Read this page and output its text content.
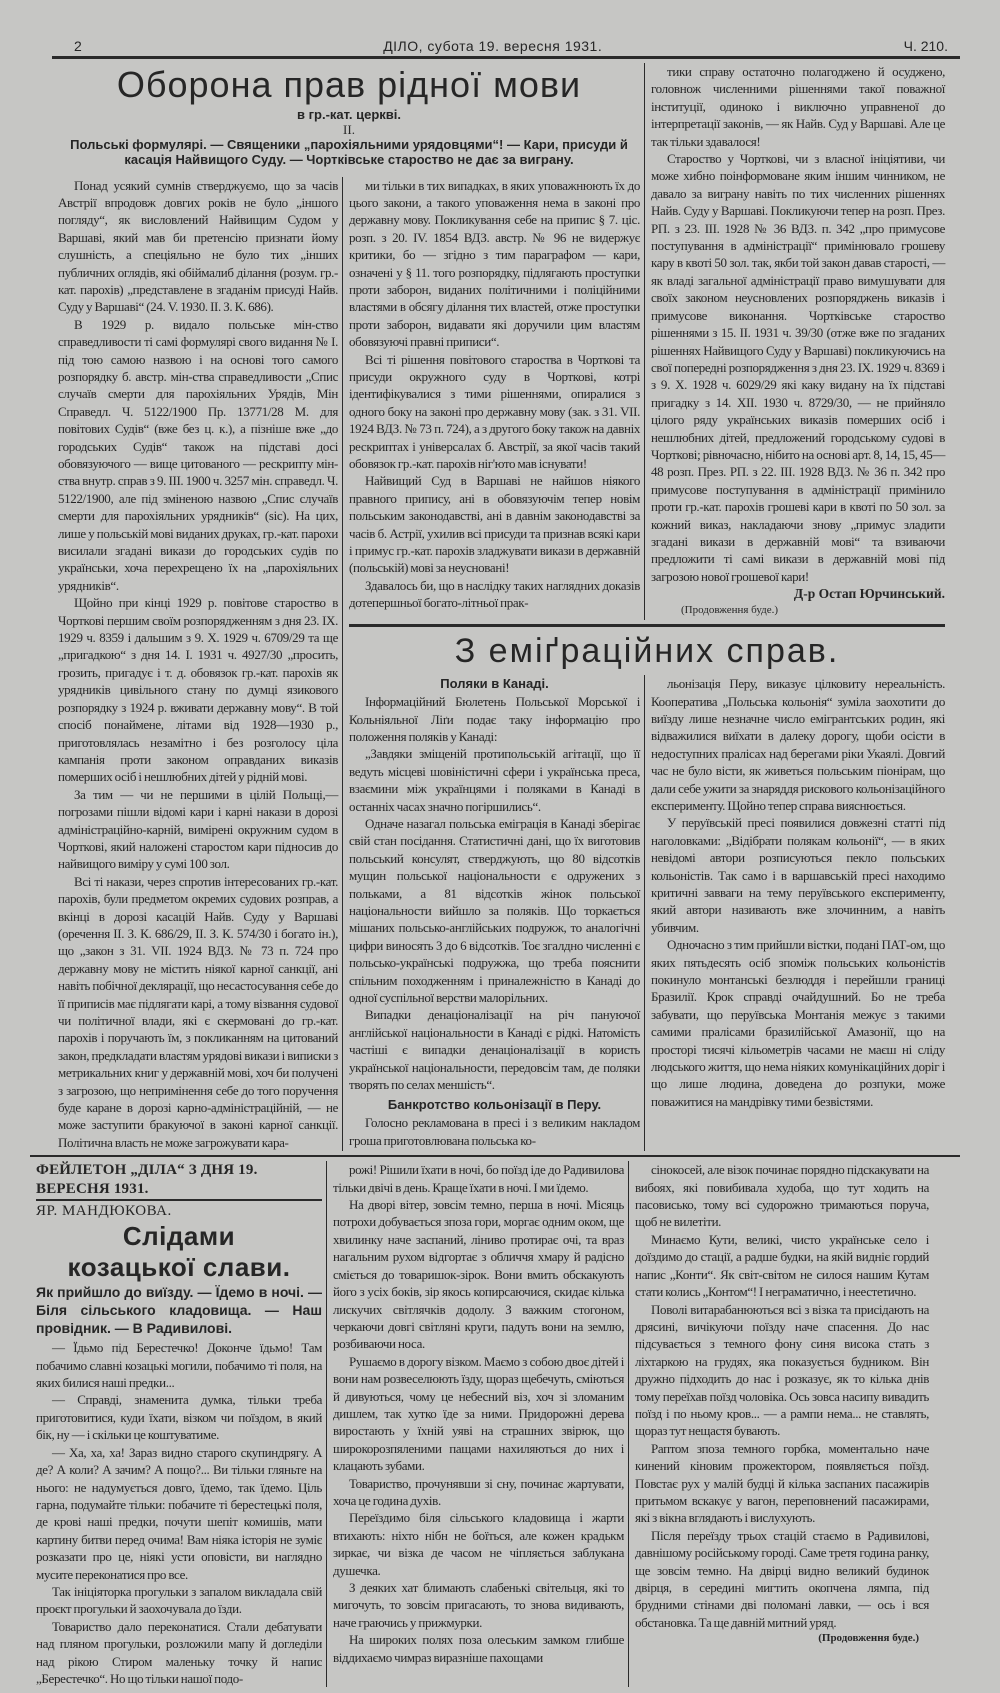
2	ДІЛО, субота 19. вересня 1931.	Ч. 210.
Оборона прав рідної мови
в гр.-кат. церкві.
II.
Польські формулярі. — Священики „парохіяльними урядовцями“! — Кари, присуди й касація Найвищого Суду. — Чортківське староство не дає за виграну.

тики справу остаточно полагоджено й осуджено, головнож численними рішеннями такої поважної інституції, одиноко і виключно управненої до інтерпретації законів, — як Найв. Суд у Варшаві. Але це так тільки здавалося!

Староство у Чорткові, чи з власної ініціятиви, чи може хибно поінформоване яким іншим чинником, не давало за виграну навіть по тих численних рішеннях Найв. Суду у Варшаві. Покликуючи тепер на розп. През. РП. з 23. III. 1928 № 36 ВДЗ. п. 342 „про примусове поступування в адміністрації“ примінювало грошеву кару в квоті 50 зол. так, якби той закон давав старості, — як владі загальної адміністрації право вимушувати для своїх законом неусновлених розпоряджень виказів і примусове виконання. Чортківське староство рішеннями з 15. II. 1931 ч. 39/30 (отже вже по згаданих рішеннях Найвищого Суду у Варшаві) покликуючись на свої попередні розпорядження з дня 23. IX. 1929 ч. 8369 і з 9. X. 1928 ч. 6029/29 які каку видану на їх підставі пригадку з 14. XII. 1930 ч. 8729/30, — не прийняло цілого ряду українських виказів померших осіб і нешлюбних дітей, предложений городському судові в Чорткові; рівночасно, нібито на основі арт. 8, 14, 15, 45—48 розп. През. РП. з 22. III. 1928 ВДЗ. № 36 п. 342 про примусове поступування в адміністрації примінило проти гр.-кат. парохів грошеві кари в квоті по 50 зол. за кожний виказ, накладаючи знову „примус зладити згадані викази в державній мові“ та взиваючи предложити ті самі викази в державній мові під загрозою нової грошевої кари!

Д-р Остап Юрчинський.
(Продовження буде.)

Понад усякий сумнів стверджуємо, що за часів Австрії впродовж довгих років не було „іншого погляду“, як висловлений Найвищим Судом у Варшаві, який мав би претенсію признати йому слушність, а спеціяльно не було тих „інших публичних оглядів, які обіймалиб ділання (розум. гр.-кат. парохів) „представлене в згаданім присуді Найв. Суду у Варшаві“ (24. V. 1930. II. З. К. 686).

В 1929 р. видало польське мін-ство справедливости ті самі формулярі свого видання № I. під тою самою назвою і на основі того самого розпорядку б. австр. мін-ства справедливости „Спис случаїв смерти для парохіяльних Урядів, Мін Справедл. Ч. 5122/1900 Пр. 13771/28 М. для повітових Судів“ (вже без ц. к.), а пізніше вже „до городських Судів“ також на підставі досі обовязуючого — вище цитованого — рескрипту мін-ства внутр. справ з 9. III. 1900 ч. 3257 мін. справедл. Ч. 5122/1900, але під зміненою назвою „Спис случаїв смерти для парохіяльних урядників“ (sic). На цих, лише у польській мові виданих друках, гр.-кат. парохи висилали згадані викази до городських судів по українськи, хоча перехрещено їх на „парохіяльних урядників“.

Щойно при кінці 1929 р. повітове староство в Чорткові першим своїм розпорядженням з дня 23. IX. 1929 ч. 8359 і дальшим з 9. X. 1929 ч. 6709/29 та ще „пригадкою“ з дня 14. I. 1931 ч. 4927/30 „просить, грозить, пригадує і т. д. обовязок гр.-кат. парохів як урядників цивільного стану по думці язикового розпорядку з 1924 р. вживати державну мову“. В той спосіб понаймене, літами від 1928—1930 р., приготовлялась незамітно і без розголосу ціла кампанія проти законом оправданих виказів померших осіб і нешлюбних дітей у рідній мові.

За тим — чи не першими в цілій Польщі,— погрозами пішли відомі кари і карні накази в дорозі адміністраційно-карній, вимірені окружним судом в Чорткові, який наложені старостом кари підносив до найвищого виміру у сумі 100 зол.

Всі ті накази, через спротив інтересованих гр.-кат. парохів, були предметом окремих судових розправ, а вкінці в дорозі касацій Найв. Суду у Варшаві (оречення II. З. К. 686/29, II. З. К. 574/30 і богато ін.), що „закон з 31. VII. 1924 ВДЗ. № 73 п. 724 про державну мову не містить ніякої карної санкції, ані навіть побічної деклярації, що несастосування себе до її приписів має підлягати карі, а тому візвання судової чи політичної влади, які є скермовані до гр.-кат. парохів і поручають їм, з покликанням на цитований закон, предкладати властям урядові викази і виписки з метрикальних книг у державній мові, хоч би получені з загрозою, що непримінення себе до того поручення буде каране в дорозі карно-адміністраційній, — не може заступити бракуючої в законі карної санкції. Політична власть не може загрожувати кара-

ми тільки в тих випадках, в яких уповажнюють їх до цього закони, а такого уповаження нема в законі про державну мову. Покликування себе на припис § 7. ціс. розп. з 20. IV. 1854 ВДЗ. австр. № 96 не видержує критики, бо — згідно з тим параграфом — кари, означені у § 11. того розпорядку, підлягають проступки проти заборон, виданих політичними і поліційними властями в обсягу ділання тих властей, отже проступки проти заборон, видавати які доручили цим властям обовязуючі правні приписи“.

Всі ті рішення повітового староства в Чорткові та присуди окружного суду в Чорткові, котрі ідентифікувалися з тими рішеннями, опиралися з одного боку на законі про державну мову (зак. з 31. VII. 1924 ВДЗ. № 73 п. 724), а з другого боку також на давніх рескриптах і універсалах б. Австрії, за якої часів такий обовязок гр.-кат. парохів ніг'юто мав існувати!

Найвищий Суд в Варшаві не найшов ніякого правного припису, ані в обовязуючім тепер новім польським законодавстві, ані в давнім законодавстві за часів б. Астрії, ухилив всі присуди та признав всякі кари і примус гр.-кат. парохів зладжувати викази в державній (польській) мові за неусновані!

Здавалось би, що в наслідку таких наглядних доказів дотепершньої богато-літньої прак-

З еміґраційних справ.
Поляки в Канаді.

Інформаційний Бюлетень Польської Морської і Кольніяльної Ліґи подає таку інформацію про положення поляків у Канаді:

„Завдяки зміщеній протипольській агітації, що її ведуть місцеві шовіністичні сфери і українська преса, взаємини між українцями і поляками в Канаді в останніх часах значно погіршились“.

Одначе назагал польська еміграція в Канаді зберігає свій стан посідання. Статистичні дані, що їх виготовив польський консулят, стверджують, що 80 відсотків мущин польської національности є одружених з польками, а 81 відсотків жінок польської національности вийшло за поляків. Що торкається мішаних польсько-англійських подружж, то аналогічні цифри виносять 3 до 6 відсотків. Тоє згалдно численні є польсько-українські подружжа, що треба пояснити спільним походженням і приналежністю в Канаді до одної суспільної верстви малорільних.

Випадки денаціоналізації на річ пануючої англійської національности в Канаді є рідкі. Натомість частіші є випадки денаціоналізації в користь української національности, передовсім там, де поляки творять по селах меншість“.

Банкротство кольонізації в Перу.

Голосно рекламована в пресі і з великим накладом гроша приготовлювана польська ко-

льонізація Перу, виказує цілковиту нереальність. Кооператива „Польська кольонія“ зуміла заохотити до виїзду лише незначне число емігрантських родин, які відважилися виїхати в далеку дорогу, щоби осісти в недоступних пралісах над берегами ріки Укаялі. Довгий час не було вісти, як живеться польським піонірам, що дали себе ужити за знаряддя рискового кольонізаційного експерименту. Щойно тепер справа вияснюється.

У перуївській пресі появилися довжезні статті під наголовками: „Відібрати полякам кольонії“, — в яких невідомі автори розписуються пекло польських кольоністів. Так само і в варшавській пресі находимо критичні завваги на тему перуївського експерименту, який автори називають вже злочинним, а навіть убивчим.

Одночасно з тим прийшли вістки, подані ПАТ-ом, що яких пятьдесять осіб зпоміж польських кольоністів покинуло монтанські безлюддя і перейшли границі Бразилії. Крок справді очайдушний. Бо не треба забувати, що перуївська Монтанія межує з такими самими пралісами бразилійської Амазонії, що на просторі тисячі кільометрів часами не маєш ні сліду людського життя, що нема ніяких комунікаційних доріг і що лише людина, доведена до розпуки, може поважитися на мандрівку тими безвістями.

ФЕЙЛЕТОН „ДІЛА“ З ДНЯ 19. ВЕРЕСНЯ 1931.
ЯР. МАНДЮКОВА.
Слідами козацької слави.
Як прийшло до виїзду. — Їдемо в ночі. — Біля сільського кладовища. — Наш провідник. — В Радивилові.

— Їдьмо під Берестечко! Доконче їдьмо! Там побачимо славні козацькі могили, побачимо ті поля, на яких билися наші предки...

— Справді, знаменита думка, тільки треба приготовитися, куди їхати, візком чи поїздом, в який бік, ну — і скільки це коштуватиме.

— Ха, ха, ха! Зараз видно старого скупиндрягу. А де? А коли? А зачим? А пощо?... Ви тільки гляньте на нього: не надумується довго, їдемо, так їдемо. Ціль гарна, подумайте тільки: побачите ті берестецькі поля, де крові наші предки, почути шепіт комишів, мати картину битви перед очима! Вам ніяка історія не зуміє розказати про це, ніякі усти оповісти, ви наглядно мусите переконатися про все.

Так ініціяторка прогульки з запалом викладала свій проєкт прогульки й заохочувала до їзди.

Товариство дало переконатися. Стали дебатувати над пляном прогульки, розложили мапу й догледіли над рікою Стиром маленьку точку й напис „Берестечко“. Но що тільки нашої подо-

рожі! Рішили їхати в ночі, бо поїзд іде до Радивилова тільки двічі в день. Краще їхати в ночі. І ми їдемо.

На дворі вітер, зовсім темно, перша в ночі. Місяць потрохи добувається зпоза гори, моргає одним оком, ще хвилинку наче заспаний, ліниво протирає очі, та враз нагальним рухом відгортає з обличчя хмару й радісно сміється до товаришок-зірок. Вони вмить обскакують його з усіх боків, зір якось копирсаючися, скидає кілька лискучих світлячків додолу. З важким стогоном, черкаючи довгі світляні круги, падуть вони на землю, розбиваючи носа.

Рушаємо в дорогу візком. Маємо з собою двоє дітей і вони нам розвеселюють їзду, щораз щебечуть, сміються й дивуються, чому це небесний віз, хоч зі зломаним дишлем, так хутко їде за ними. Придорожні дерева виростають у їхній уяві на страшних звірюк, що широкорозпяленими пащами нахиляються до них і клацають зубами.

Товариство, прочунявши зі сну, починає жартувати, хоча це година духів.

Переїздимо біля сільського кладовища і жарти втихають: ніхто нібн не боїться, але кожен крадькм зиркає, чи візка де часом не чіпляється заблукана душечка.

З деяких хат блимають слабенькі світельця, які то мигочуть, то зовсім пригасають, то знова видивають, наче граючись у прижмурки.

На широких полях поза олеським замком глибше віддихаємо чимраз виразніше пахощами

сінокосей, але візок починає порядно підскакувати на вибоях, які повибивала худоба, що тут ходить на пасовисько, тому всі судорожно тримаються поруча, щоб не вилетіти.

Минаємо Кути, великі, чисто українське село і доїздимо до стації, а радше будки, на якій видніє гордий напис „Конти“. Як світ-світом не силося нашим Кутам стати колись „Контом“! І неграматично, і неестетично.

Поволі витарабанюються всі з візка та присідають на дрясині, вичікуючи поїзду наче спасення. До нас підсувається з темного фону синя висока стать з ліхтаркою на грудях, яка показується будником. Він дружно підходить до нас і розказує, як то кілька днів тому переїхав поїзд чоловіка. Ось зовса насипу вивадить поїзд і по ньому кров... — а рампи нема... не ставлять, щораз тут нещастя бувають.

Раптом зпоза темного горбка, моментально наче кинений кіновим прожектором, появляється поїзд. Повстає рух у малій будці й кілька заспаних пасажирів притьмом вскакує у вагон, переповнений пасажирами, які з вікна вглядають і вислухують.

Після переїзду трьох стацій стаємо в Радивилові, давнішому російському городі. Саме третя година ранку, ще зовсім темно. На двірці видно великий будинок двірця, в середині мигтить окопчена лямпа, під брудними стінами дві поломані лавки, — ось і вся обстановка. Та ще давній митний уряд.

(Продовження буде.)
